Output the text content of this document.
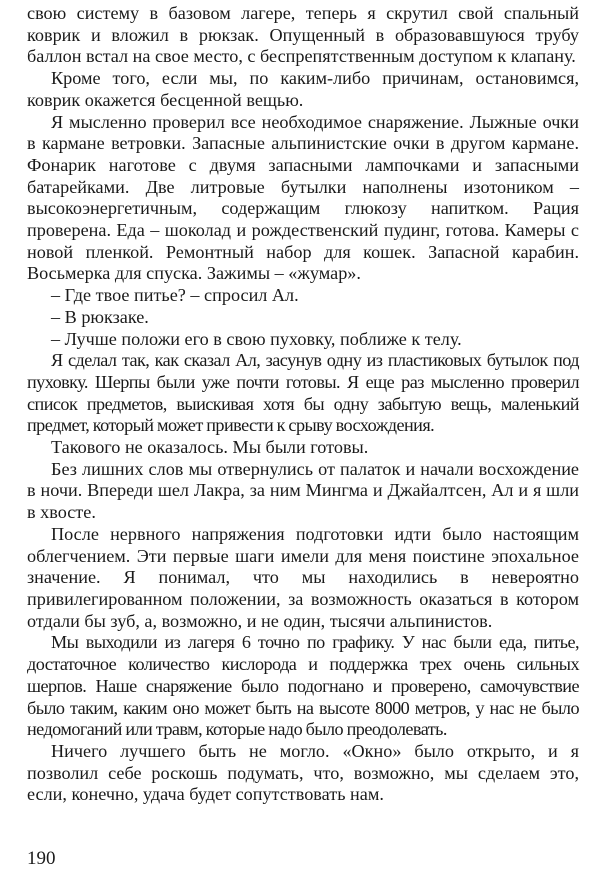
свою систему в базовом лагере, теперь я скрутил свой спальный коврик и вложил в рюкзак. Опущенный в образовавшуюся трубу баллон встал на свое место, с беспрепятственным доступом к клапану.

Кроме того, если мы, по каким-либо причинам, остановимся, коврик окажется бесценной вещью.

Я мысленно проверил все необходимое снаряжение. Лыжные очки в кармане ветровки. Запасные альпинистские очки в другом кармане. Фонарик наготове с двумя запасными лампочками и запасными батарейками. Две литровые бутылки наполнены изотоником – высокоэнергетичным, содержащим глюкозу напитком. Рация проверена. Еда – шоколад и рождественский пудинг, готова. Камеры с новой пленкой. Ремонтный набор для кошек. Запасной карабин. Восьмерка для спуска. Зажимы – «жумар».

– Где твое питье? – спросил Ал.

– В рюкзаке.

– Лучше положи его в свою пуховку, поближе к телу.

Я сделал так, как сказал Ал, засунув одну из пластиковых бутылок под пуховку. Шерпы были уже почти готовы. Я еще раз мысленно проверил список предметов, выискивая хотя бы одну забытую вещь, маленький предмет, который может привести к срыву восхождения.

Такового не оказалось. Мы были готовы.

Без лишних слов мы отвернулись от палаток и начали восхождение в ночи. Впереди шел Лакра, за ним Мингма и Джайалтсен, Ал и я шли в хвосте.

После нервного напряжения подготовки идти было настоящим облегчением. Эти первые шаги имели для меня поистине эпохальное значение. Я понимал, что мы находились в невероятно привилегированном положении, за возможность оказаться в котором отдали бы зуб, а, возможно, и не один, тысячи альпинистов.

Мы выходили из лагеря 6 точно по графику. У нас были еда, питье, достаточное количество кислорода и поддержка трех очень сильных шерпов. Наше снаряжение было подогнано и проверено, самочувствие было таким, каким оно может быть на высоте 8000 метров, у нас не было недомоганий или травм, которые надо было преодолевать.

Ничего лучшего быть не могло. «Окно» было открыто, и я позволил себе роскошь подумать, что, возможно, мы сделаем это, если, конечно, удача будет сопутствовать нам.

190
